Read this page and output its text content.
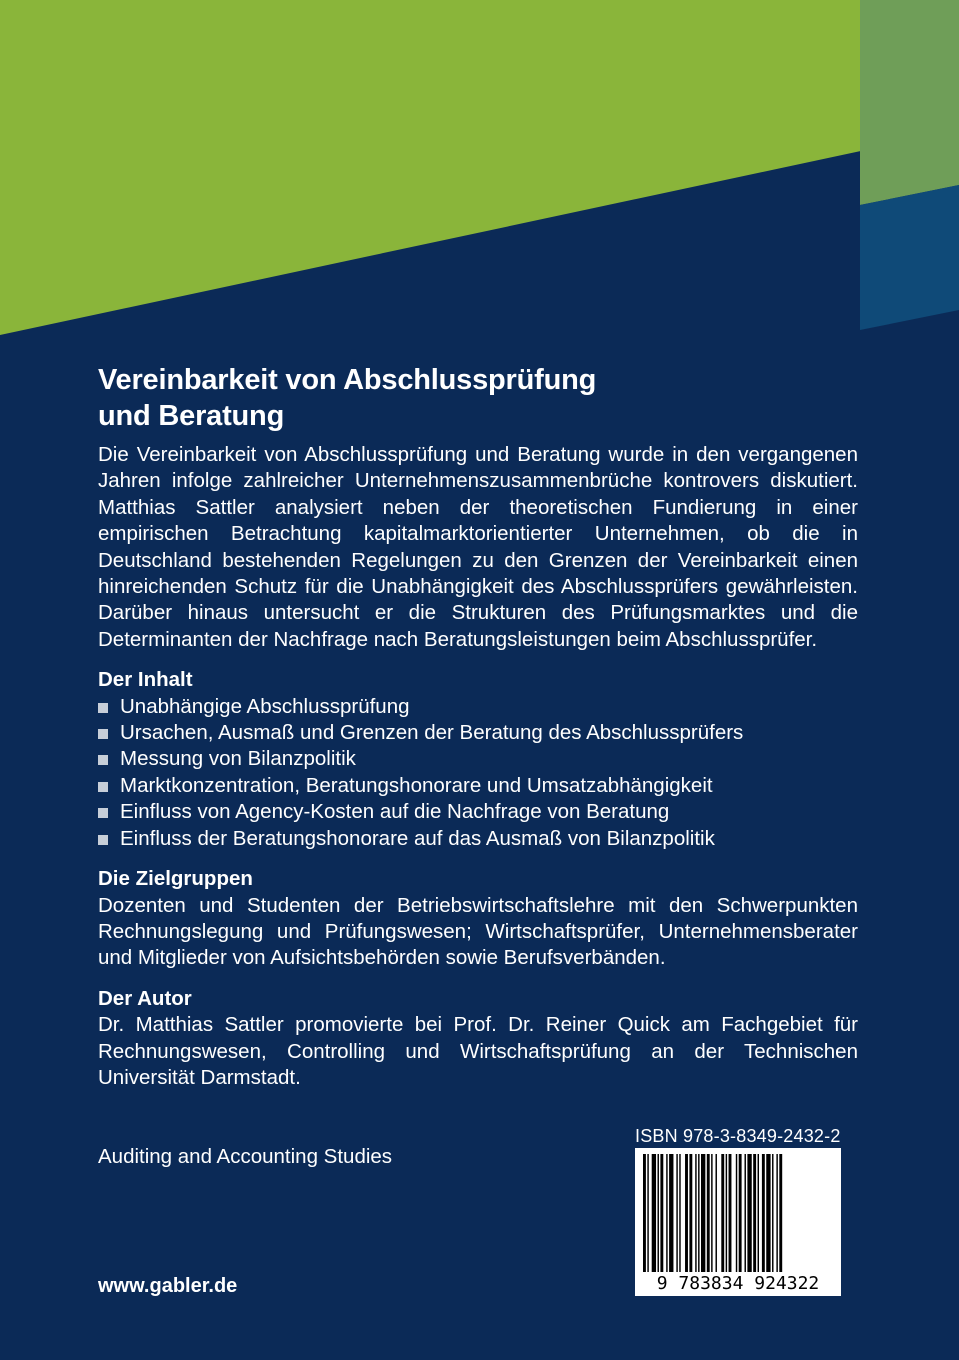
Vereinbarkeit von Abschlussprüfung
und Beratung

Die Vereinbarkeit von Abschlussprüfung und Beratung wurde in den vergangenen Jahren infolge zahlreicher Unternehmenszusammenbrüche kontrovers diskutiert. Matthias Sattler analysiert neben der theoretischen Fundierung in einer empirischen Betrachtung kapitalmarktorientierter Unternehmen, ob die in Deutschland bestehenden Regelungen zu den Grenzen der Vereinbarkeit einen hinreichenden Schutz für die Unabhängigkeit des Abschlussprüfers gewährleisten. Darüber hinaus untersucht er die Strukturen des Prüfungsmarktes und die Determinanten der Nachfrage nach Beratungsleistungen beim Abschlussprüfer.

Der Inhalt
Unabhängige Abschlussprüfung
Ursachen, Ausmaß und Grenzen der Beratung des Abschlussprüfers
Messung von Bilanzpolitik
Marktkonzentration, Beratungshonorare und Umsatzabhängigkeit
Einfluss von Agency-Kosten auf die Nachfrage von Beratung
Einfluss der Beratungshonorare auf das Ausmaß von Bilanzpolitik
Die Zielgruppen
Dozenten und Studenten der Betriebswirtschaftslehre mit den Schwerpunkten Rechnungslegung und Prüfungswesen; Wirtschaftsprüfer, Unternehmensberater und Mitglieder von Aufsichtsbehörden sowie Berufsverbänden.
Der Autor
Dr. Matthias Sattler promovierte bei Prof. Dr. Reiner Quick am Fachgebiet für Rechnungswesen, Controlling und Wirtschaftsprüfung an der Technischen Universität Darmstadt.
Auditing and Accounting Studies
www.gabler.de
ISBN 978-3-8349-2432-2
9 783834 924322
